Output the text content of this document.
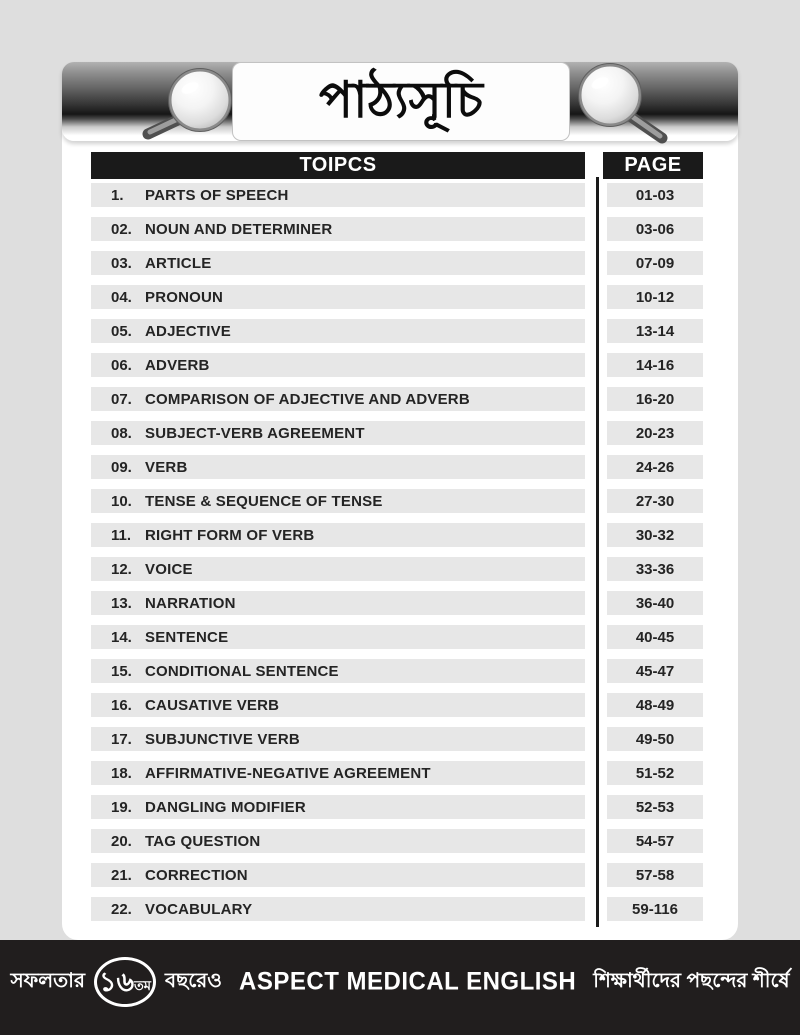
পাঠ্যসূচি
TOIPCS	PAGE
1.	PARTS OF SPEECH	01-03
02. NOUN AND DETERMINER	03-06
03. ARTICLE	07-09
04. PRONOUN	10-12
05. ADJECTIVE	13-14
06. ADVERB	14-16
07. COMPARISON OF ADJECTIVE AND ADVERB	16-20
08. SUBJECT-VERB AGREEMENT	20-23
09. VERB	24-26
10. TENSE & SEQUENCE OF TENSE	27-30
11. RIGHT FORM OF VERB	30-32
12. VOICE	33-36
13. NARRATION	36-40
14. SENTENCE	40-45
15. CONDITIONAL SENTENCE	45-47
16. CAUSATIVE VERB	48-49
17. SUBJUNCTIVE VERB	49-50
18. AFFIRMATIVE-NEGATIVE AGREEMENT	51-52
19. DANGLING MODIFIER	52-53
20. TAG QUESTION	54-57
21. CORRECTION	57-58
22. VOCABULARY	59-116
সফলতার ১৬ তম বছরেও ASPECT MEDICAL ENGLISH শিক্ষার্থীদের পছন্দের শীর্ষে
